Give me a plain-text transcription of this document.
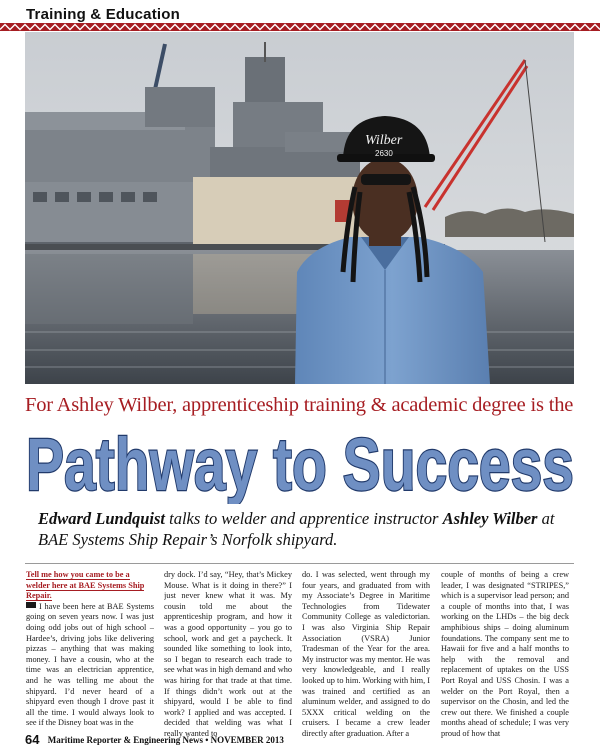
Training & Education
Wilber
2630
For Ashley Wilber, apprenticeship training & academic degree is the
Pathway to Success
Edward Lundquist talks to welder and apprentice instructor Ashley Wilber at BAE Systems Ship Repair’s Norfolk shipyard.

Tell me how you came to be a welder here at BAE Systems Ship Repair.

I have been here at BAE Systems going on seven years now. I was just doing odd jobs out of high school – Hardee’s, driving jobs like delivering pizzas – anything that was making money. I have a cousin, who at the time was an electrician apprentice, and he was telling me about the shipyard. I’d never heard of a shipyard even though I drove past it all the time. I would always look to see if the Disney boat was in the

dry dock. I’d say, “Hey, that’s Mickey Mouse. What is it doing in there?” I just never knew what it was. My cousin told me about the apprenticeship program, and how it was a good opportunity – you go to school, work and get a paycheck. It sounded like something to look into, so I began to research each trade to see what was in high demand and who was hiring for that trade at that time. If things didn’t work out at the shipyard, would I be able to find work? I applied and was accepted. I decided that welding was what I really wanted to

do. I was selected, went through my four years, and graduated from with my Associate’s Degree in Maritime Technologies from Tidewater Community College as valedictorian. I was also Virginia Ship Repair Association (VSRA) Junior Tradesman of the Year for the area. My instructor was my mentor. He was very knowledgeable, and I really looked up to him. Working with him, I was trained and certified as an aluminum welder, and assigned to do 5XXX critical welding on the cruisers. I became a crew leader directly after graduation. After a

couple of months of being a crew leader, I was designated “STRIPES,” which is a supervisor lead person; and a couple of months into that, I was working on the LHDs – the big deck amphibious ships – doing aluminum foundations. The company sent me to Hawaii for five and a half months to help with the removal and replacement of uptakes on the USS Port Royal and USS Chosin. I was a welder on the Port Royal, then a supervisor on the Chosin, and led the crew out there. We finished a couple months ahead of schedule; I was very proud of how that

64 Maritime Reporter & Engineering News • NOVEMBER 2013
